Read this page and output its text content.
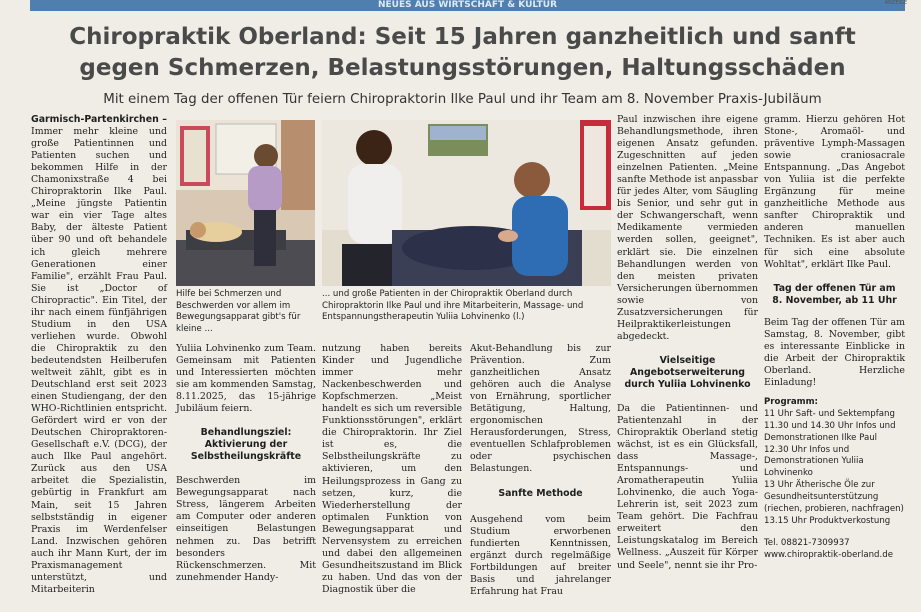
NEUES AUS WIRTSCHAFT & KULTUR	ANZEIGE
Chiropraktik Oberland: Seit 15 Jahren ganzheitlich und sanft gegen Schmerzen, Belastungsstörungen, Haltungsschäden
Mit einem Tag der offenen Tür feiern Chiropraktorin Ilke Paul und ihr Team am 8. November Praxis-Jubiläum

Garmisch-Partenkirchen – Immer mehr kleine und große Patientinnen und Patienten suchen und bekommen Hilfe in der Chamonixstraße 4 bei Chiropraktorin Ilke Paul. „Meine jüngste Patientin war ein vier Tage altes Baby, der älteste Patient über 90 und oft behandele ich gleich mehrere Generationen einer Familie", erzählt Frau Paul. Sie ist „Doctor of Chiropractic". Ein Titel, der ihr nach einem fünfjährigen Studium in den USA verliehen wurde. Obwohl die Chiropraktik zu den bedeutendsten Heilberufen weltweit zählt, gibt es in Deutschland erst seit 2023 einen Studiengang, der den WHO-Richtlinien entspricht. Gefördert wird er von der Deutschen Chiropraktoren-Gesellschaft e.V. (DCG), der auch Ilke Paul angehört. Zurück aus den USA arbeitet die Spezialistin, gebürtig in Frankfurt am Main, seit 15 Jahren selbstständig in eigener Praxis im Werdenfelser Land. Inzwischen gehören auch ihr Mann Kurt, der im Praxismanagement unterstützt, und Mitarbeiterin

Hilfe bei Schmerzen und Beschwerden vor allem im Bewegungsapparat gibt's für kleine ...
... und große Patienten in der Chiropraktik Oberland durch Chiropraktorin Ilke Paul und ihre Mitarbeiterin, Massage- und Entspannungstherapeutin Yuliia Lohvinenko (l.)

Yuliia Lohvinenko zum Team. Gemeinsam mit Patienten und Interessierten möchten sie am kommenden Samstag, 8.11.2025, das 15-jährige Jubiläum feiern.

Behandlungsziel: Aktivierung der Selbstheilungskräfte

Beschwerden im Bewegungsapparat nach Stress, längerem Arbeiten am Computer oder anderen einseitigen Belastungen nehmen zu. Das betrifft besonders Rückenschmerzen. Mit zunehmender Handy-

nutzung haben bereits Kinder und Jugendliche immer mehr Nackenbeschwerden und Kopfschmerzen. „Meist handelt es sich um reversible Funktionsstörungen", erklärt die Chiropraktorin. Ihr Ziel ist es, die Selbstheilungskräfte zu aktivieren, um den Heilungsprozess in Gang zu setzen, kurz, die Wiederherstellung der optimalen Funktion von Bewegungsapparat und Nervensystem zu erreichen und dabei den allgemeinen Gesundheitszustand im Blick zu haben. Und das von der Diagnostik über die

Akut-Behandlung bis zur Prävention. Zum ganzheitlichen Ansatz gehören auch die Analyse von Ernährung, sportlicher Betätigung, Haltung, ergonomischen Herausforderungen, Stress, eventuellen Schlafproblemen oder psychischen Belastungen.

Sanfte Methode

Ausgehend vom beim Studium erworbenen fundierten Kenntnissen, ergänzt durch regelmäßige Fortbildungen auf breiter Basis und jahrelanger Erfahrung hat Frau

Paul inzwischen ihre eigene Behandlungsmethode, ihren eigenen Ansatz gefunden. Zugeschnitten auf jeden einzelnen Patienten. „Meine sanfte Methode ist anpassbar für jedes Alter, vom Säugling bis Senior, und sehr gut in der Schwangerschaft, wenn Medikamente vermieden werden sollen, geeignet", erklärt sie. Die einzelnen Behandlungen werden von den meisten privaten Versicherungen übernommen sowie von Zusatzversicherungen für Heilpraktikerleistungen abgedeckt.

Vielseitige Angebotserweiterung durch Yuliia Lohvinenko

Da die Patientinnen- und Patientenzahl in der Chiropraktik Oberland stetig wächst, ist es ein Glücksfall, dass Massage-, Entspannungs- und Aromatherapeutin Yuliia Lohvinenko, die auch Yoga-Lehrerin ist, seit 2023 zum Team gehört. Die Fachfrau erweitert den Leistungskatalog im Bereich Wellness. „Auszeit für Körper und Seele", nennt sie ihr Pro-

gramm. Hierzu gehören Hot Stone-, Aromaöl- und präventive Lymph-Massagen sowie craniosacrale Entspannung. „Das Angebot von Yuliia ist die perfekte Ergänzung für meine ganzheitliche Methode aus sanfter Chiropraktik und anderen manuellen Techniken. Es ist aber auch für sich eine absolute Wohltat", erklärt Ilke Paul.

Tag der offenen Tür am 8. November, ab 11 Uhr

Beim Tag der offenen Tür am Samstag, 8. November, gibt es interessante Einblicke in die Arbeit der Chiropraktik Oberland. Herzliche Einladung!

Programm:
11 Uhr Saft- und Sektempfang
11.30 und 14.30 Uhr Infos und Demonstrationen Ilke Paul
12.30 Uhr Infos und Demonstrationen Yuliia Lohvinenko
13 Uhr Ätherische Öle zur Gesundheitsunterstützung (riechen, probieren, nachfragen)
13.15 Uhr Produktverkostung
Tel. 08821-7309937
www.chiropraktik-oberland.de
